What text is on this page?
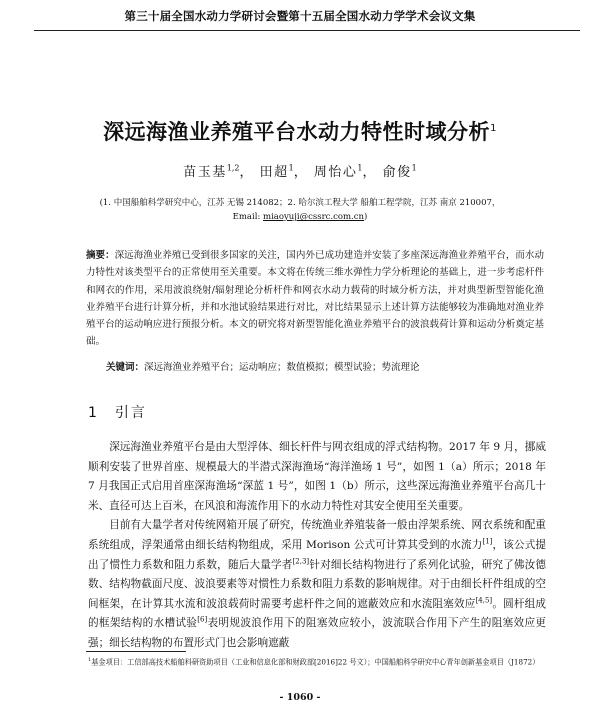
第三十届全国水动力学研讨会暨第十五届全国水动力学学术会议文集
深远海渔业养殖平台水动力特性时域分析$^1$
苗玉基$^{1,2}$， 田超$^1$， 周怡心$^1$， 俞俊$^1$
(1. 中国船舶科学研究中心，江苏 无锡 214082；2. 哈尔滨工程大学 船舶工程学院，江苏 南京 210007，
Email: miaoyuji@cssrc.com.cn)
摘要：深远海渔业养殖已受到很多国家的关注，国内外已成功建造并安装了多座深远海渔业养殖平台，而水动力特性对该类型平台的正常使用至关重要。本文将在传统三维水弹性力学分析理论的基础上，进一步考虑杆件和网衣的作用，采用波浪绕射/辐射理论分析杆件和网衣水动力载荷的时域分析方法，并对典型新型智能化渔业养殖平台进行计算分析，并和水池试验结果进行对比，对比结果显示上述计算方法能够较为准确地对渔业养殖平台的运动响应进行预报分析。本文的研究将对新型智能化渔业养殖平台的波浪载荷计算和运动分析奠定基础。
关键词：深远海渔业养殖平台；运动响应；数值模拟；模型试验；势流理论
1 引言

深远海渔业养殖平台是由大型浮体、细长杆件与网衣组成的浮式结构物。2017 年 9 月，挪威顺利安装了世界首座、规模最大的半潜式深海渔场“海洋渔场 1 号”，如图 1（a）所示；2018 年 7 月我国正式启用首座深海渔场“深蓝 1 号”，如图 1（b）所示，这些深远海渔业养殖平台高几十米、直径可达上百米，在风浪和海流作用下的水动力特性对其安全使用至关重要。

目前有大量学者对传统网箱开展了研究，传统渔业养殖装备一般由浮架系统、网衣系统和配重系统组成，浮架通常由细长结构物组成，采用 Morison 公式可计算其受到的水流力[1]，该公式提出了惯性力系数和阻力系数，随后大量学者[2,3]针对细长结构物进行了系列化试验，研究了佛汝德数、结构物截面尺度、波浪要素等对惯性力系数和阻力系数的影响规律。对于由细长杆件组成的空间框架，在计算其水流和波浪载荷时需要考虑杆件之间的遮蔽效应和水流阻塞效应[4,5]。圆杆组成的框架结构的水槽试验[6]表明规波浪作用下的阻塞效应较小，波流联合作用下产生的阻塞效应更强；细长结构物的布置形式门也会影响遮蔽

$^1$基金项目：工信部高技术船舶科研资助项目（工业和信息化部和财政部[2016]22 号文）；中国船舶科学研究中心青年创新基金项目（J1872）
- 1060 -
